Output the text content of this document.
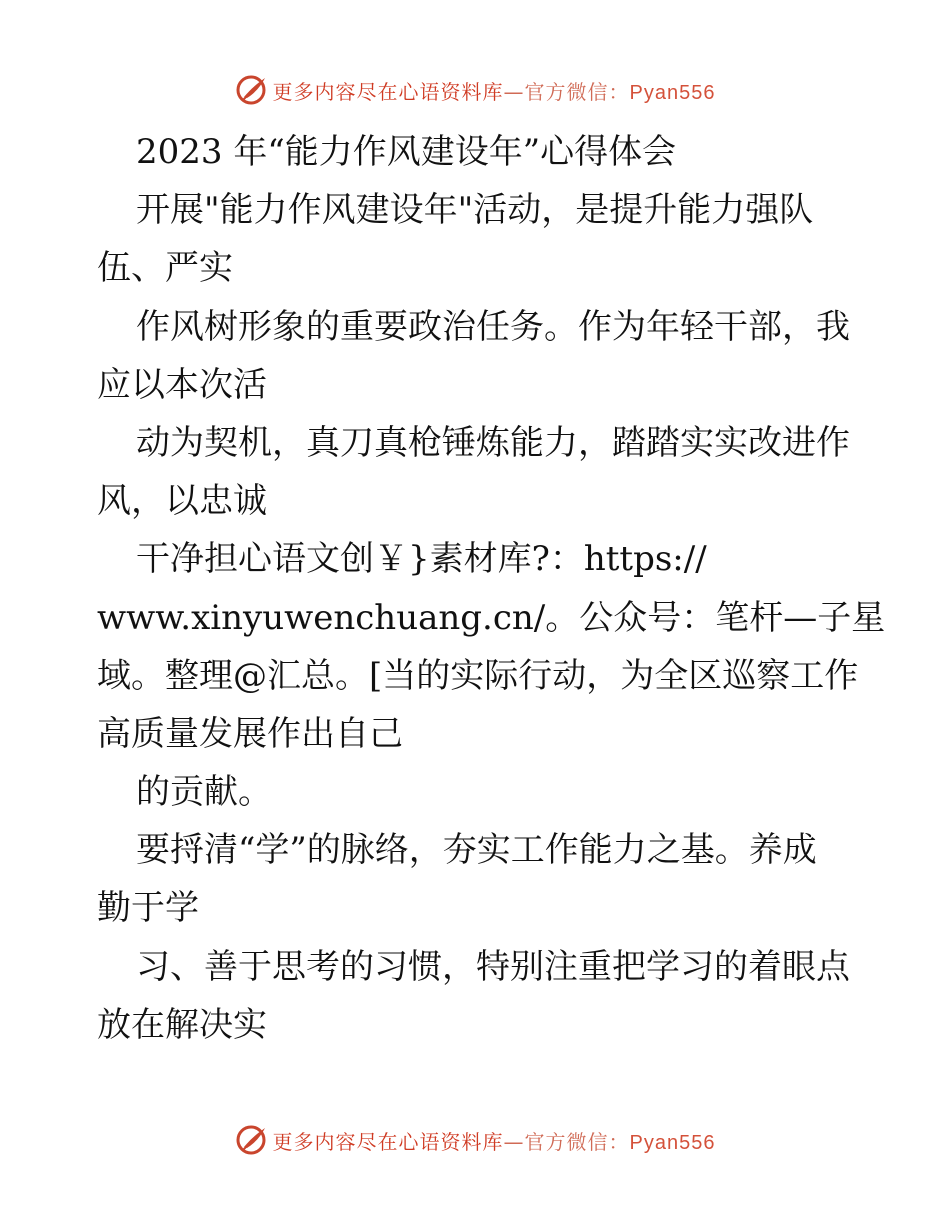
更多内容尽在心语资料库—官方微信：Pyan556
2023 年“能力作风建设年”心得体会
开展"能力作风建设年"活动，是提升能力强队
伍、严实
作风树形象的重要政治任务。作为年轻干部，我
应以本次活
动为契机，真刀真枪锤炼能力，踏踏实实改进作
风，以忠诚
干净担心语文创￥}素材库?：https://
www.xinyuwenchuang.cn/。公众号：笔杆—子星
域。整理@汇总。[当的实际行动，为全区巡察工作
高质量发展作出自己
的贡献。
要捋清“学”的脉络，夯实工作能力之基。养成
勤于学
习、善于思考的习惯，特别注重把学习的着眼点
放在解决实
更多内容尽在心语资料库—官方微信：Pyan556
